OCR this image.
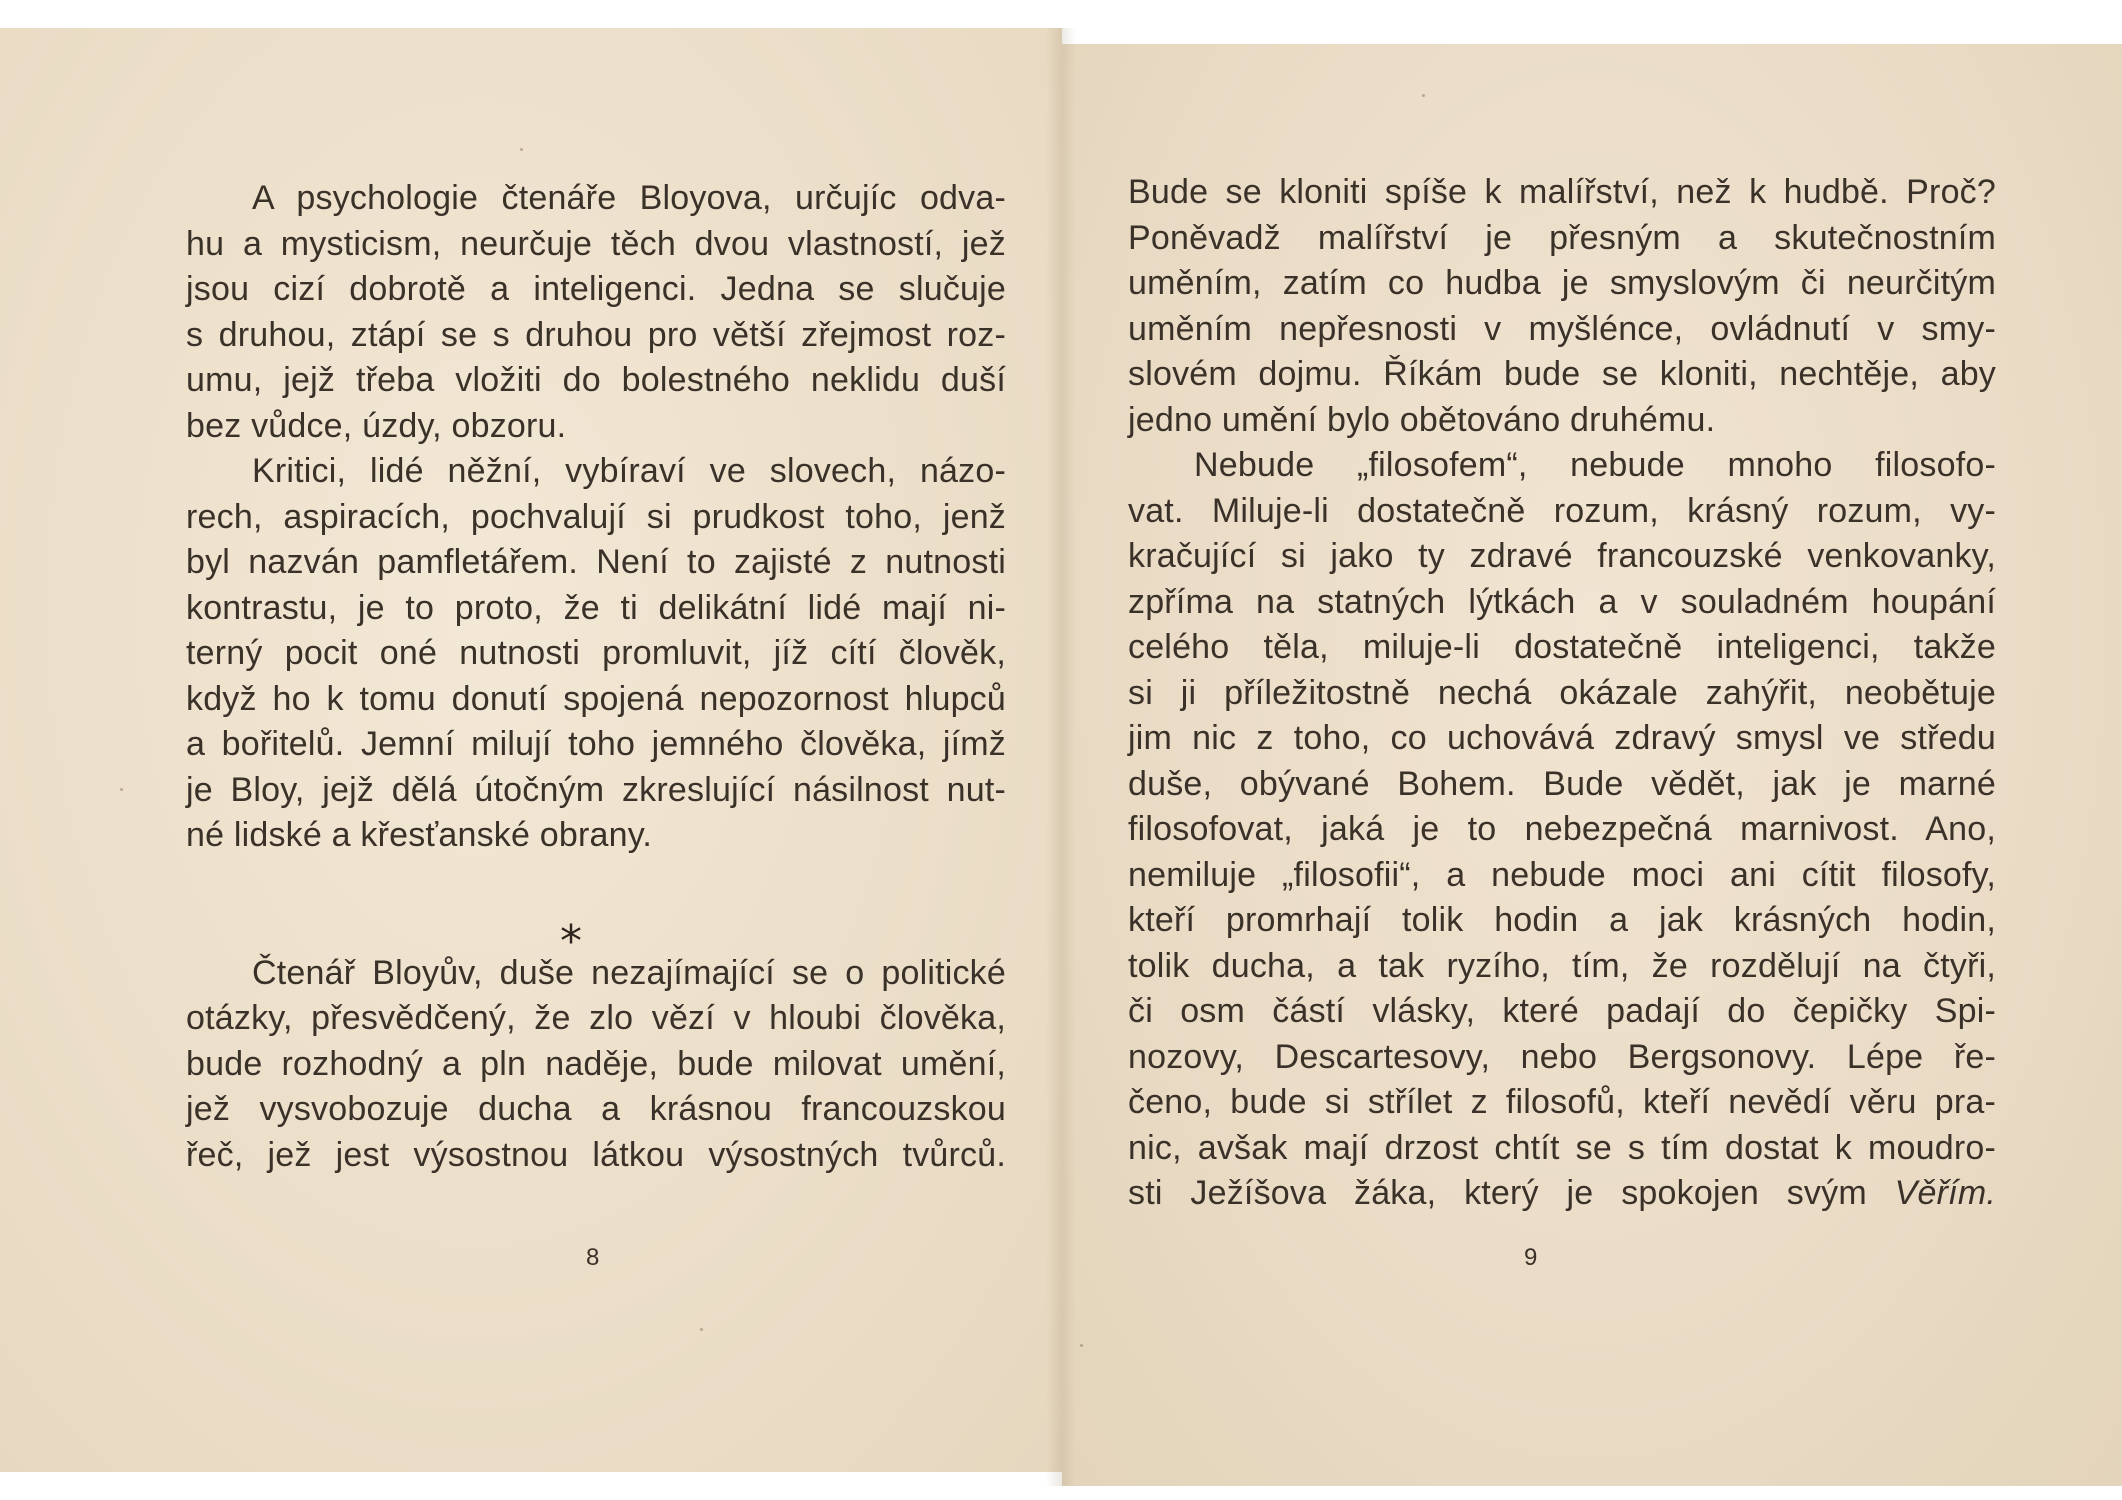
A psychologie čtenáře Bloyova, určujíc odva-
hu a mysticism, neurčuje těch dvou vlastností, jež
jsou cizí dobrotě a inteligenci. Jedna se slučuje
s druhou, ztápí se s druhou pro větší zřejmost roz-
umu, jejž třeba vložiti do bolestného neklidu duší
bez vůdce, úzdy, obzoru.
Kritici, lidé něžní, vybíraví ve slovech, názo-
rech, aspiracích, pochvalují si prudkost toho, jenž
byl nazván pamfletářem. Není to zajisté z nutnosti
kontrastu, je to proto, že ti delikátní lidé mají ni-
terný pocit oné nutnosti promluvit, jíž cítí člověk,
když ho k tomu donutí spojená nepozornost hlupců
a bořitelů. Jemní milují toho jemného člověka, jímž
je Bloy, jejž dělá útočným zkreslující násilnost nut-
né lidské a křesťanské obrany.
Čtenář Bloyův, duše nezajímající se o politické
otázky, přesvědčený, že zlo vězí v hloubi člověka,
bude rozhodný a pln naděje, bude milovat umění,
jež vysvobozuje ducha a krásnou francouzskou
řeč, jež jest výsostnou látkou výsostných tvůrců.
*
8
Bude se kloniti spíše k malířství, než k hudbě. Proč?
Poněvadž malířství je přesným a skutečnostním
uměním, zatím co hudba je smyslovým či neurčitým
uměním nepřesnosti v myšlénce, ovládnutí v smy-
slovém dojmu. Říkám bude se kloniti, nechtěje, aby
jedno umění bylo obětováno druhému.
Nebude „filosofem“, nebude mnoho filosofo-
vat. Miluje-li dostatečně rozum, krásný rozum, vy-
kračující si jako ty zdravé francouzské venkovanky,
zpříma na statných lýtkách a v souladném houpání
celého těla, miluje-li dostatečně inteligenci, takže
si ji příležitostně nechá okázale zahýřit, neobětuje
jim nic z toho, co uchovává zdravý smysl ve středu
duše, obývané Bohem. Bude vědět, jak je marné
filosofovat, jaká je to nebezpečná marnivost. Ano,
nemiluje „filosofii“, a nebude moci ani cítit filosofy,
kteří promrhají tolik hodin a jak krásných hodin,
tolik ducha, a tak ryzího, tím, že rozdělují na čtyři,
či osm částí vlásky, které padají do čepičky Spi-
nozovy, Descartesovy, nebo Bergsonovy. Lépe ře-
čeno, bude si střílet z filosofů, kteří nevědí věru pra-
nic, avšak mají drzost chtít se s tím dostat k moudro-
sti Ježíšova žáka, který je spokojen svým Věřím.
9
